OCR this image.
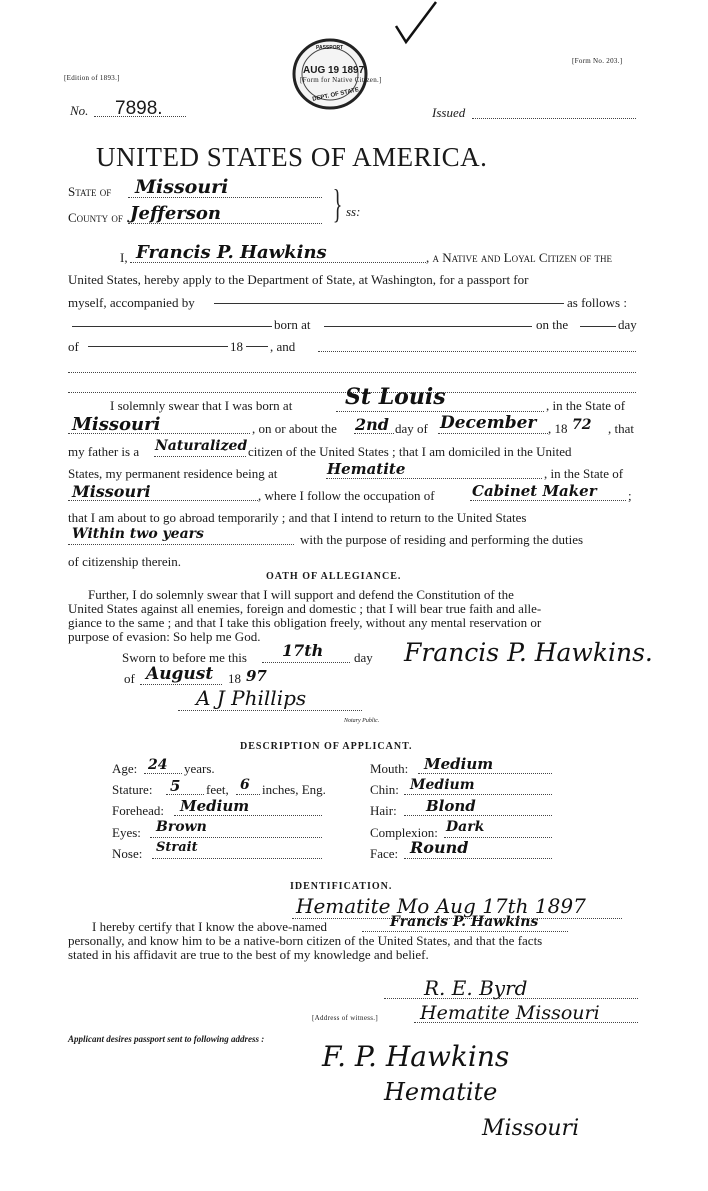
AUG 19 1897
PASSPORT
DEPT. OF STATE
[Edition of 1893.]	[Form for Native Citizen.]
[Form No. 203.]
No. 7898.	Issued
UNITED STATES OF AMERICA.
State of Missouri
County of Jefferson	} ss:
I, Francis P. Hawkins	, a Native and Loyal Citizen of the
United States, hereby apply to the Department of State, at Washington, for a passport for
myself, accompanied by	as follows :
born at	on the	day
of	18 , and
I solemnly swear that I was born at St Louis	, in the State of
Missouri	, on or about the 2nd day of December , 18 72 , that
my father is a Naturalized citizen of the United States ; that I am domiciled in the United
States, my permanent residence being at	Hematite	, in the State of
Missouri	, where I follow the occupation of Cabinet Maker ;
that I am about to go abroad temporarily ; and that I intend to return to the United States
Within two years	with the purpose of residing and performing the duties
of citizenship therein.
OATH OF ALLEGIANCE.
Further, I do solemnly swear that I will support and defend the Constitution of the
United States against all enemies, foreign and domestic ; that I will bear true faith and alle-
giance to the same ; and that I take this obligation freely, without any mental reservation or
purpose of evasion: So help me God.
Sworn to before me this 17th day Francis P. Hawkins.
of August 18 97
A J Phillips
Notary Public.
DESCRIPTION OF APPLICANT.
Age: 24 years.
Stature: 5 feet, 6 inches, Eng.
Forehead: Medium
Eyes: Brown
Nose: Strait
Mouth: Medium
Chin: Medium
Hair: Blond
Complexion: Dark
Face: Round
IDENTIFICATION.
Hematite Mo Aug 17th 1897
I hereby certify that I know the above-named	Francis P. Hawkins
personally, and know him to be a native-born citizen of the United States, and that the facts
stated in his affidavit are true to the best of my knowledge and belief.
R. E. Byrd
[Address of witness.] Hematite Missouri
Applicant desires passport sent to following address :
F. P. Hawkins
Hematite
Missouri
